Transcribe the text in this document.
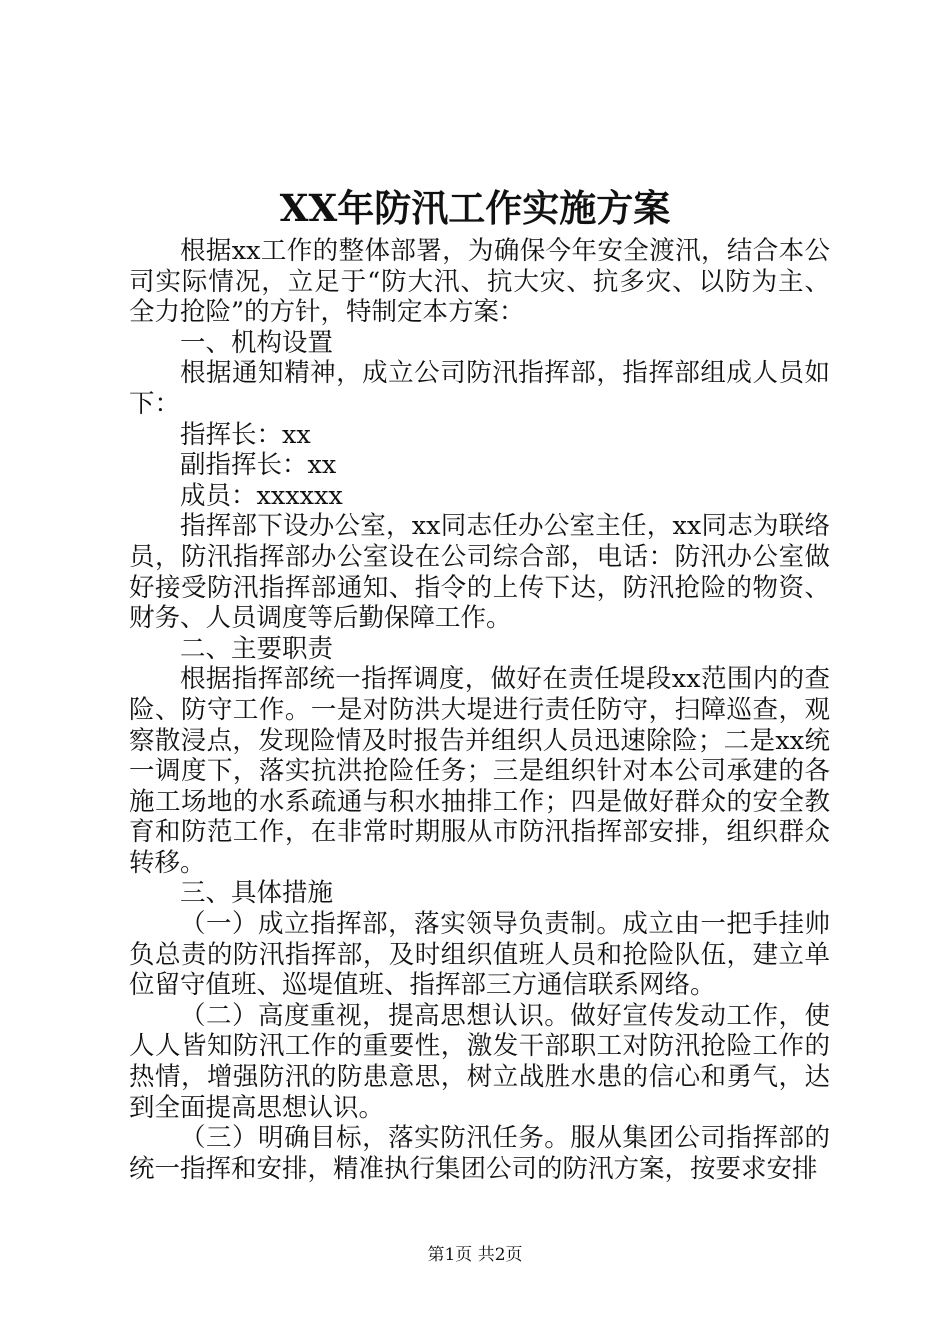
XX年防汛工作实施方案

根据xx工作的整体部署，为确保今年安全渡汛，结合本公司实际情况，立足于“防大汛、抗大灾、抗多灾、以防为主、全力抢险”的方针，特制定本方案：

一、机构设置

根据通知精神，成立公司防汛指挥部，指挥部组成人员如下：

指挥长：xx

副指挥长：xx

成员：xxxxxx

指挥部下设办公室，xx同志任办公室主任，xx同志为联络员，防汛指挥部办公室设在公司综合部，电话：防汛办公室做好接受防汛指挥部通知、指令的上传下达，防汛抢险的物资、财务、人员调度等后勤保障工作。

二、主要职责

根据指挥部统一指挥调度，做好在责任堤段xx范围内的查险、防守工作。一是对防洪大堤进行责任防守，扫障巡查，观察散浸点，发现险情及时报告并组织人员迅速除险；二是xx统一调度下，落实抗洪抢险任务；三是组织针对本公司承建的各施工场地的水系疏通与积水抽排工作；四是做好群众的安全教育和防范工作，在非常时期服从市防汛指挥部安排，组织群众转移。

三、具体措施

（一）成立指挥部，落实领导负责制。成立由一把手挂帅负总责的防汛指挥部，及时组织值班人员和抢险队伍，建立单位留守值班、巡堤值班、指挥部三方通信联系网络。

（二）高度重视，提高思想认识。做好宣传发动工作，使人人皆知防汛工作的重要性，激发干部职工对防汛抢险工作的热情，增强防汛的防患意思，树立战胜水患的信心和勇气，达到全面提高思想认识。

（三）明确目标，落实防汛任务。服从集团公司指挥部的统一指挥和安排，精准执行集团公司的防汛方案，按要求安排

第1页 共2页
